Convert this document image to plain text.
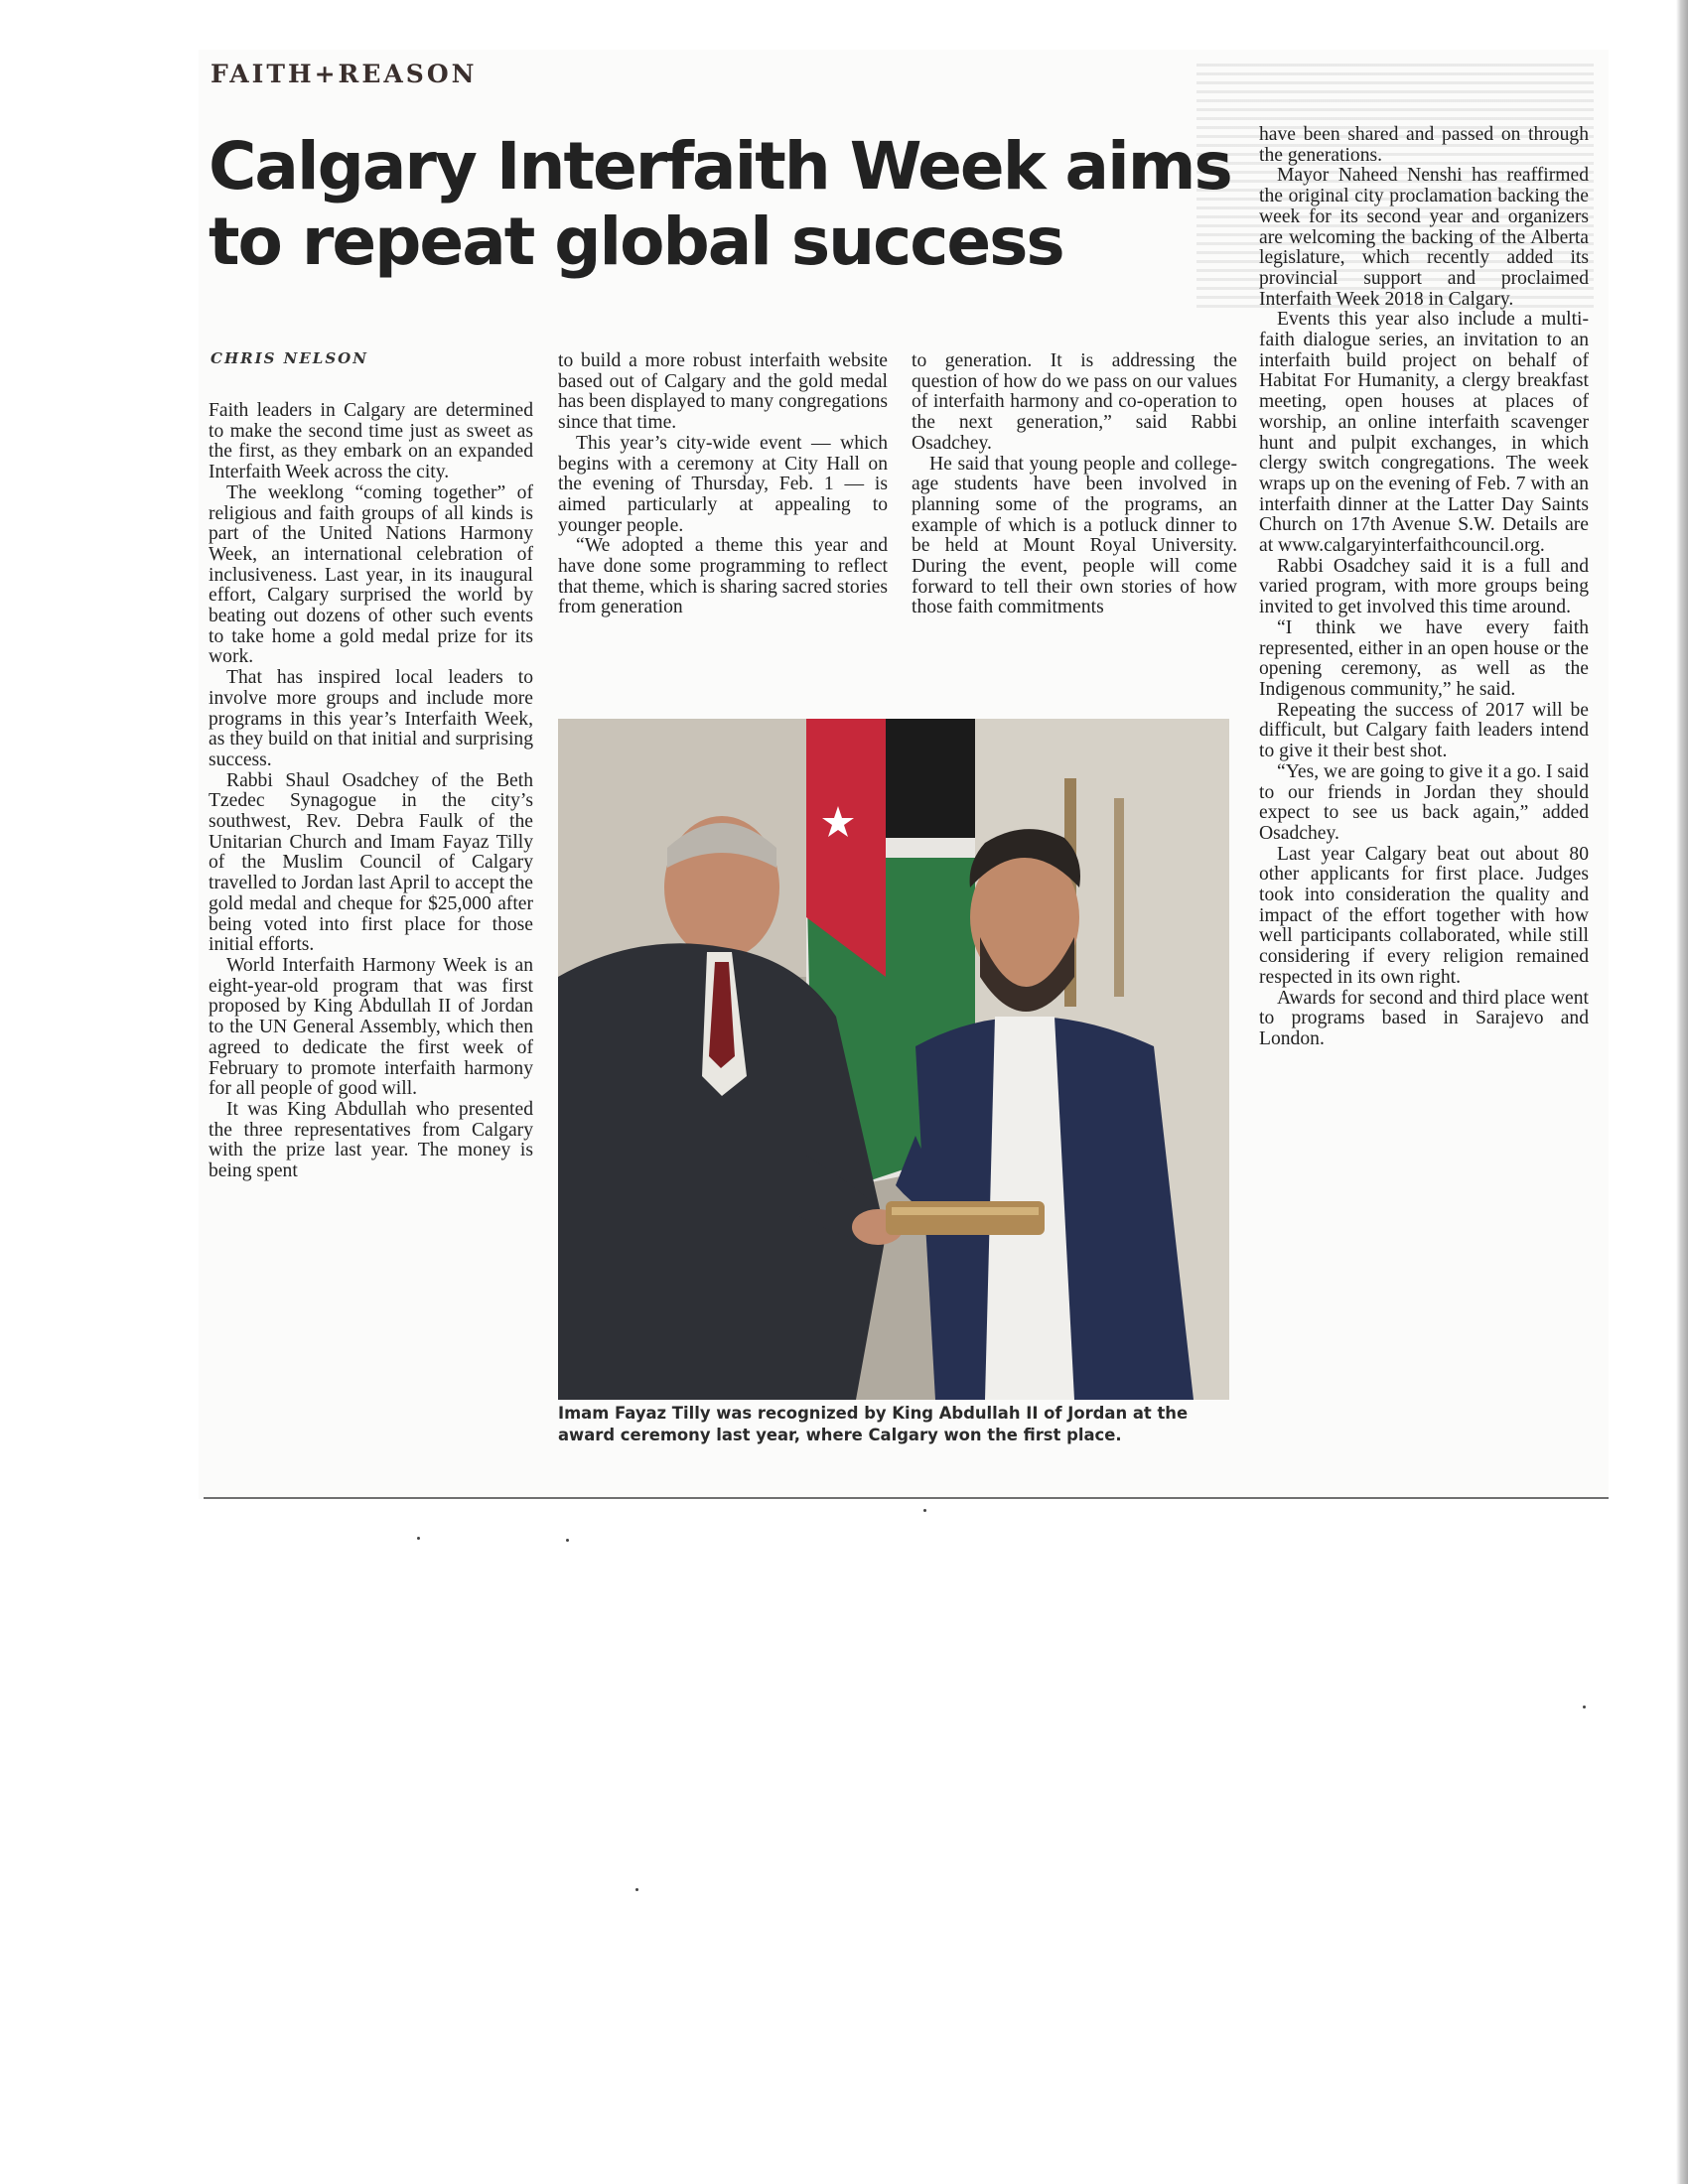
FAITH+REASON
Calgary Interfaith Week aims to repeat global success
CHRIS NELSON

Faith leaders in Calgary are determined to make the second time just as sweet as the first, as they embark on an expanded Interfaith Week across the city.

The weeklong “coming together” of religious and faith groups of all kinds is part of the United Nations Harmony Week, an international celebration of inclusiveness. Last year, in its inaugural effort, Calgary surprised the world by beating out dozens of other such events to take home a gold medal prize for its work.

That has inspired local leaders to involve more groups and include more programs in this year’s Interfaith Week, as they build on that initial and surprising success.

Rabbi Shaul Osadchey of the Beth Tzedec Synagogue in the city’s southwest, Rev. Debra Faulk of the Unitarian Church and Imam Fayaz Tilly of the Muslim Council of Calgary travelled to Jordan last April to accept the gold medal and cheque for $25,000 after being voted into first place for those initial efforts.

World Interfaith Harmony Week is an eight-year-old program that was first proposed by King Abdullah II of Jordan to the UN General Assembly, which then agreed to dedicate the first week of February to promote interfaith harmony for all people of good will.

It was King Abdullah who presented the three representatives from Calgary with the prize last year. The money is being spent

to build a more robust interfaith website based out of Calgary and the gold medal has been displayed to many congregations since that time.

This year’s city-wide event — which begins with a ceremony at City Hall on the evening of Thursday, Feb. 1 — is aimed particularly at appealing to younger people.

“We adopted a theme this year and have done some programming to reflect that theme, which is sharing sacred stories from generation

to generation. It is addressing the question of how do we pass on our values of interfaith harmony and co-operation to the next generation,” said Rabbi Osadchey.

He said that young people and college-age students have been involved in planning some of the programs, an example of which is a potluck dinner to be held at Mount Royal University. During the event, people will come forward to tell their own stories of how those faith commitments

have been shared and passed on through the generations.

Mayor Naheed Nenshi has reaffirmed the original city proclamation backing the week for its second year and organizers are welcoming the backing of the Alberta legislature, which recently added its provincial support and proclaimed Interfaith Week 2018 in Calgary.

Events this year also include a multi-faith dialogue series, an invitation to an interfaith build project on behalf of Habitat For Humanity, a clergy breakfast meeting, open houses at places of worship, an online interfaith scavenger hunt and pulpit exchanges, in which clergy switch congregations. The week wraps up on the evening of Feb. 7 with an interfaith dinner at the Latter Day Saints Church on 17th Avenue S.W. Details are at www.calgaryinterfaithcouncil.org.

Rabbi Osadchey said it is a full and varied program, with more groups being invited to get involved this time around.

“I think we have every faith represented, either in an open house or the opening ceremony, as well as the Indigenous community,” he said.

Repeating the success of 2017 will be difficult, but Calgary faith leaders intend to give it their best shot.

“Yes, we are going to give it a go. I said to our friends in Jordan they should expect to see us back again,” added Osadchey.

Last year Calgary beat out about 80 other applicants for first place. Judges took into consideration the quality and impact of the effort together with how well participants collaborated, while still considering if every religion remained respected in its own right.

Awards for second and third place went to programs based in Sarajevo and London.

Imam Fayaz Tilly was recognized by King Abdullah II of Jordan at the award ceremony last year, where Calgary won the first place.
